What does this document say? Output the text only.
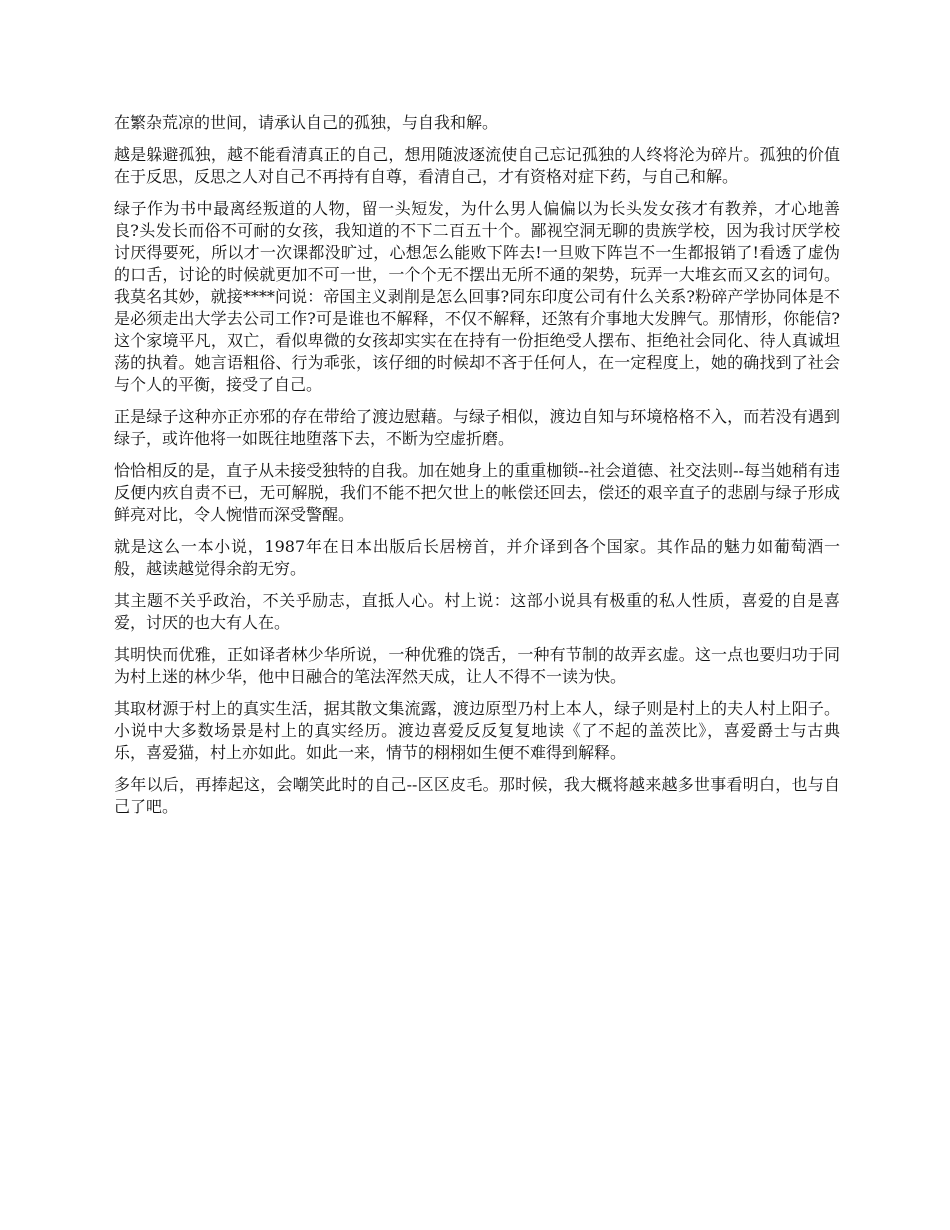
在繁杂荒凉的世间，请承认自己的孤独，与自我和解。

越是躲避孤独，越不能看清真正的自己，想用随波逐流使自己忘记孤独的人终将沦为碎片。孤独的价值在于反思，反思之人对自己不再持有自尊，看清自己，才有资格对症下药，与自己和解。

绿子作为书中最离经叛道的人物，留一头短发，为什么男人偏偏以为长头发女孩才有教养，才心地善良?头发长而俗不可耐的女孩，我知道的不下二百五十个。鄙视空洞无聊的贵族学校，因为我讨厌学校讨厌得要死，所以才一次课都没旷过，心想怎么能败下阵去!一旦败下阵岂不一生都报销了!看透了虚伪的口舌，讨论的时候就更加不可一世，一个个无不摆出无所不通的架势，玩弄一大堆玄而又玄的词句。我莫名其妙，就接****问说：帝国主义剥削是怎么回事?同东印度公司有什么关系?粉碎产学协同体是不是必须走出大学去公司工作?可是谁也不解释，不仅不解释，还煞有介事地大发脾气。那情形，你能信?这个家境平凡，双亡，看似卑微的女孩却实实在在持有一份拒绝受人摆布、拒绝社会同化、待人真诚坦荡的执着。她言语粗俗、行为乖张，该仔细的时候却不吝于任何人，在一定程度上，她的确找到了社会与个人的平衡，接受了自己。

正是绿子这种亦正亦邪的存在带给了渡边慰藉。与绿子相似，渡边自知与环境格格不入，而若没有遇到绿子，或许他将一如既往地堕落下去，不断为空虚折磨。

恰恰相反的是，直子从未接受独特的自我。加在她身上的重重枷锁--社会道德、社交法则--每当她稍有违反便内疚自责不已，无可解脱，我们不能不把欠世上的帐偿还回去，偿还的艰辛直子的悲剧与绿子形成鲜亮对比，令人惋惜而深受警醒。

就是这么一本小说，1987年在日本出版后长居榜首，并介译到各个国家。其作品的魅力如葡萄酒一般，越读越觉得余韵无穷。

其主题不关乎政治，不关乎励志，直抵人心。村上说：这部小说具有极重的私人性质，喜爱的自是喜爱，讨厌的也大有人在。

其明快而优雅，正如译者林少华所说，一种优雅的饶舌，一种有节制的故弄玄虚。这一点也要归功于同为村上迷的林少华，他中日融合的笔法浑然天成，让人不得不一读为快。

其取材源于村上的真实生活，据其散文集流露，渡边原型乃村上本人，绿子则是村上的夫人村上阳子。小说中大多数场景是村上的真实经历。渡边喜爱反反复复地读《了不起的盖茨比》，喜爱爵士与古典乐，喜爱猫，村上亦如此。如此一来，情节的栩栩如生便不难得到解释。

多年以后，再捧起这，会嘲笑此时的自己--区区皮毛。那时候，我大概将越来越多世事看明白，也与自己了吧。
